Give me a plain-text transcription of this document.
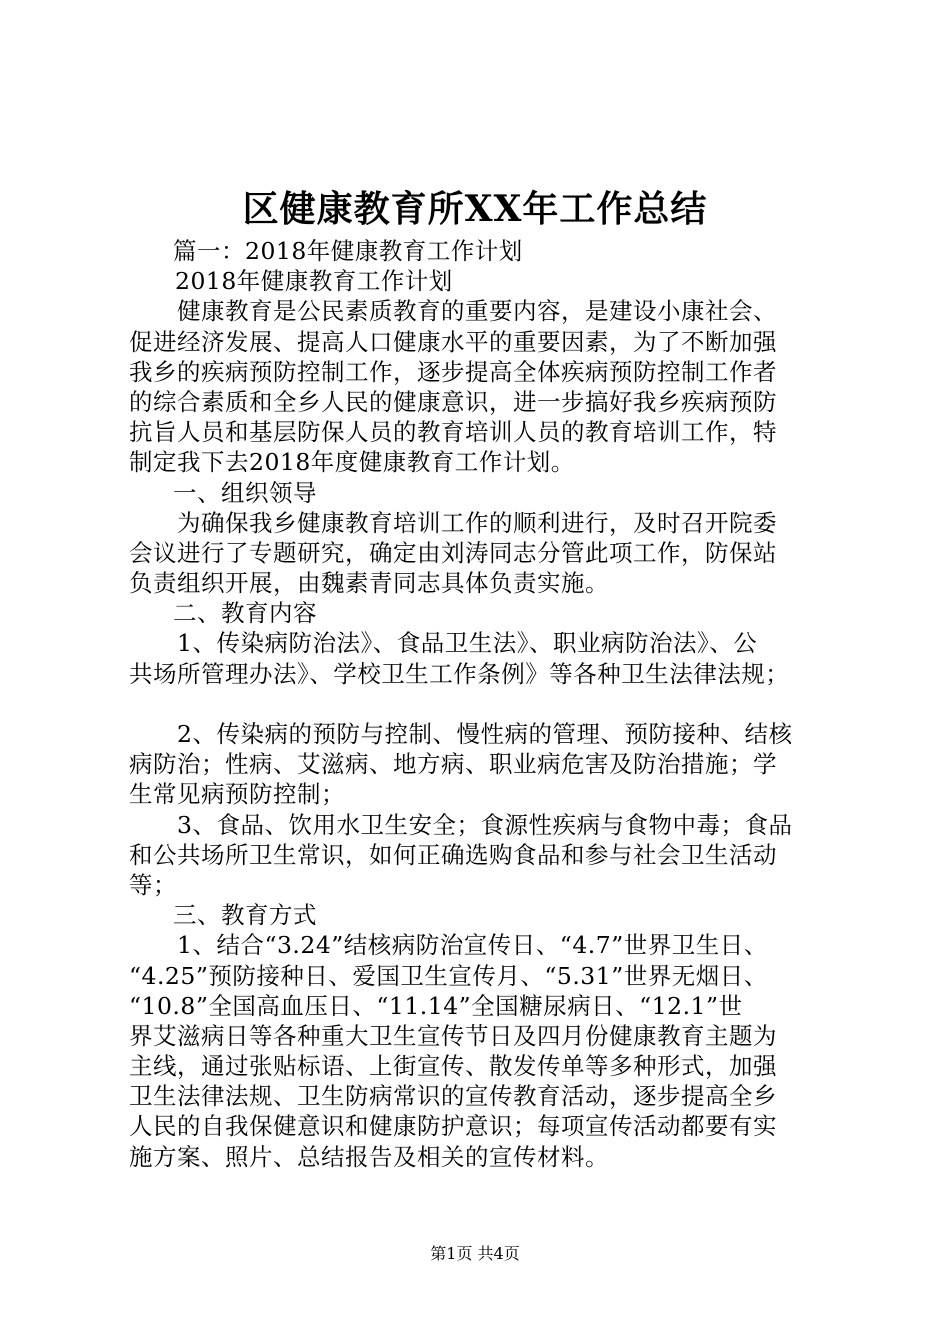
区健康教育所XX年工作总结
篇一：2018年健康教育工作计划
2018年健康教育工作计划
健康教育是公民素质教育的重要内容，是建设小康社会、
促进经济发展、提高人口健康水平的重要因素，为了不断加强
我乡的疾病预防控制工作，逐步提高全体疾病预防控制工作者
的综合素质和全乡人民的健康意识，进一步搞好我乡疾病预防
抗旨人员和基层防保人员的教育培训人员的教育培训工作，特
制定我下去2018年度健康教育工作计划。
一、组织领导
为确保我乡健康教育培训工作的顺利进行，及时召开院委
会议进行了专题研究，确定由刘涛同志分管此项工作，防保站
负责组织开展，由魏素青同志具体负责实施。
二、教育内容
1、传染病防治法》、食品卫生法》、职业病防治法》、公
共场所管理办法》、学校卫生工作条例》等各种卫生法律法规；
2、传染病的预防与控制、慢性病的管理、预防接种、结核
病防治；性病、艾滋病、地方病、职业病危害及防治措施；学
生常见病预防控制；
3、食品、饮用水卫生安全；食源性疾病与食物中毒；食品
和公共场所卫生常识，如何正确选购食品和参与社会卫生活动
等；
三、教育方式
1、结合“3.24”结核病防治宣传日、“4.7”世界卫生日、
“4.25”预防接种日、爱国卫生宣传月、“5.31”世界无烟日、
“10.8”全国高血压日、“11.14”全国糖尿病日、“12.1”世
界艾滋病日等各种重大卫生宣传节日及四月份健康教育主题为
主线，通过张贴标语、上街宣传、散发传单等多种形式，加强
卫生法律法规、卫生防病常识的宣传教育活动，逐步提高全乡
人民的自我保健意识和健康防护意识；每项宣传活动都要有实
施方案、照片、总结报告及相关的宣传材料。
第1页 共4页
